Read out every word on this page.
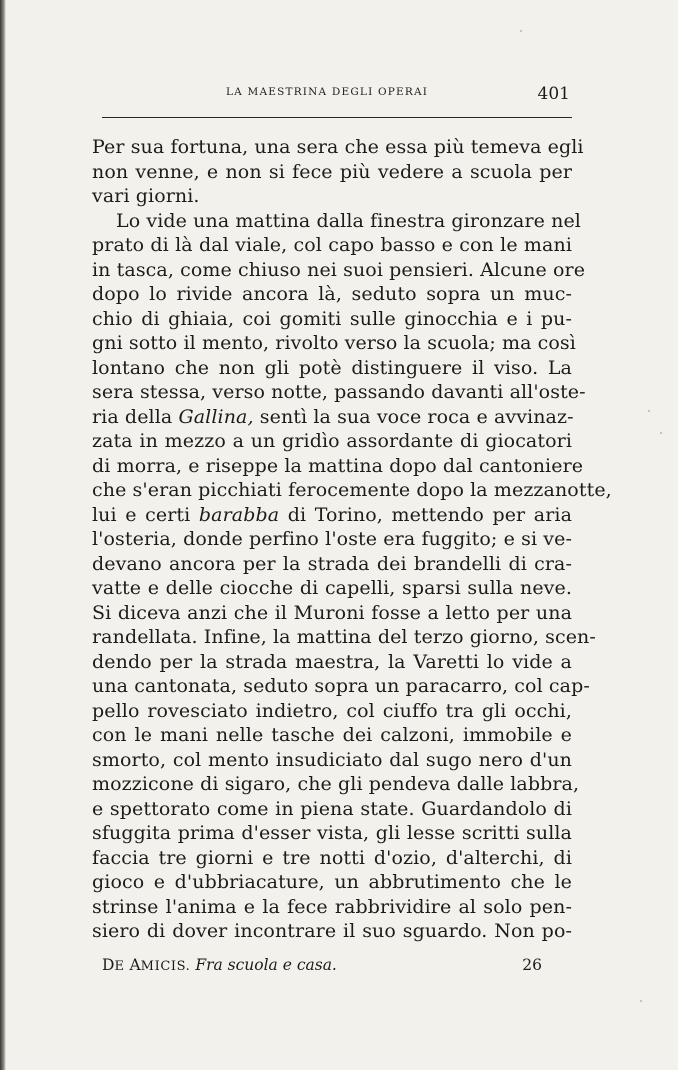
LA MAESTRINA DEGLI OPERAI	401
Per sua fortuna, una sera che essa più temeva egli
non venne, e non si fece più vedere a scuola per
vari giorni.
Lo vide una mattina dalla finestra gironzare nel
prato di là dal viale, col capo basso e con le mani
in tasca, come chiuso nei suoi pensieri. Alcune ore
dopo lo rivide ancora là, seduto sopra un muc-
chio di ghiaia, coi gomiti sulle ginocchia e i pu-
gni sotto il mento, rivolto verso la scuola; ma così
lontano che non gli potè distinguere il viso. La
sera stessa, verso notte, passando davanti all'oste-
ria della Gallina, sentì la sua voce roca e avvinaz-
zata in mezzo a un gridìo assordante di giocatori
di morra, e riseppe la mattina dopo dal cantoniere
che s'eran picchiati ferocemente dopo la mezzanotte,
lui e certi barabba di Torino, mettendo per aria
l'osteria, donde perfino l'oste era fuggito; e si ve-
devano ancora per la strada dei brandelli di cra-
vatte e delle ciocche di capelli, sparsi sulla neve.
Si diceva anzi che il Muroni fosse a letto per una
randellata. Infine, la mattina del terzo giorno, scen-
dendo per la strada maestra, la Varetti lo vide a
una cantonata, seduto sopra un paracarro, col cap-
pello rovesciato indietro, col ciuffo tra gli occhi,
con le mani nelle tasche dei calzoni, immobile e
smorto, col mento insudiciato dal sugo nero d'un
mozzicone di sigaro, che gli pendeva dalle labbra,
e spettorato come in piena state. Guardandolo di
sfuggita prima d'esser vista, gli lesse scritti sulla
faccia tre giorni e tre notti d'ozio, d'alterchi, di
gioco e d'ubbriacature, un abbrutimento che le
strinse l'anima e la fece rabbrividire al solo pen-
siero di dover incontrare il suo sguardo. Non po-
DE AMICIS. Fra scuola e casa.	26
